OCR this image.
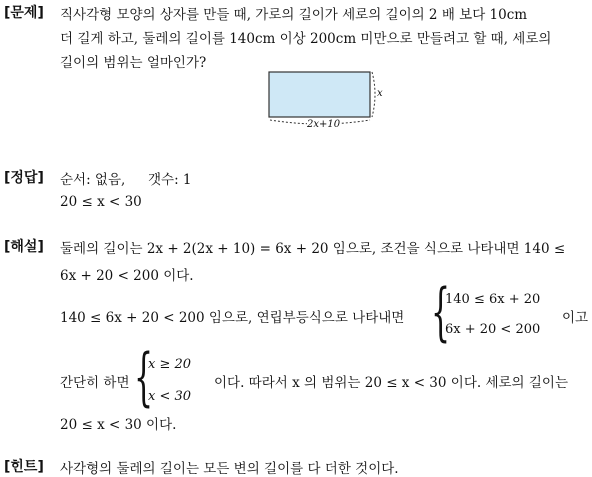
[문제] 직사각형 모양의 상자를 만들 때, 가로의 길이가 세로의 길이의 2 배 보다 10cm
더 길게 하고, 둘레의 길이를 140cm 이상 200cm 미만으로 만들려고 할 때, 세로의
길이의 범위는 얼마인가?
x
2x+10
[정답] 순서: 없음, 갯수: 1
20 ≤ x < 30
[해설] 둘레의 길이는 2x + 2(2x + 10) = 6x + 20 임으로, 조건을 식으로 나타내면 140 ≤
6x + 20 < 200 이다.
140 ≤ 6x + 20 < 200 임으로, 연립부등식으로 나타내면 {
140 ≤ 6x + 20
6x + 20 < 200
이고
간단히 하면 {
x ≥ 20
x < 30
이다. 따라서 x 의 범위는 20 ≤ x < 30 이다. 세로의 길이는
20 ≤ x < 30 이다.
[힌트] 사각형의 둘레의 길이는 모든 변의 길이를 다 더한 것이다.
